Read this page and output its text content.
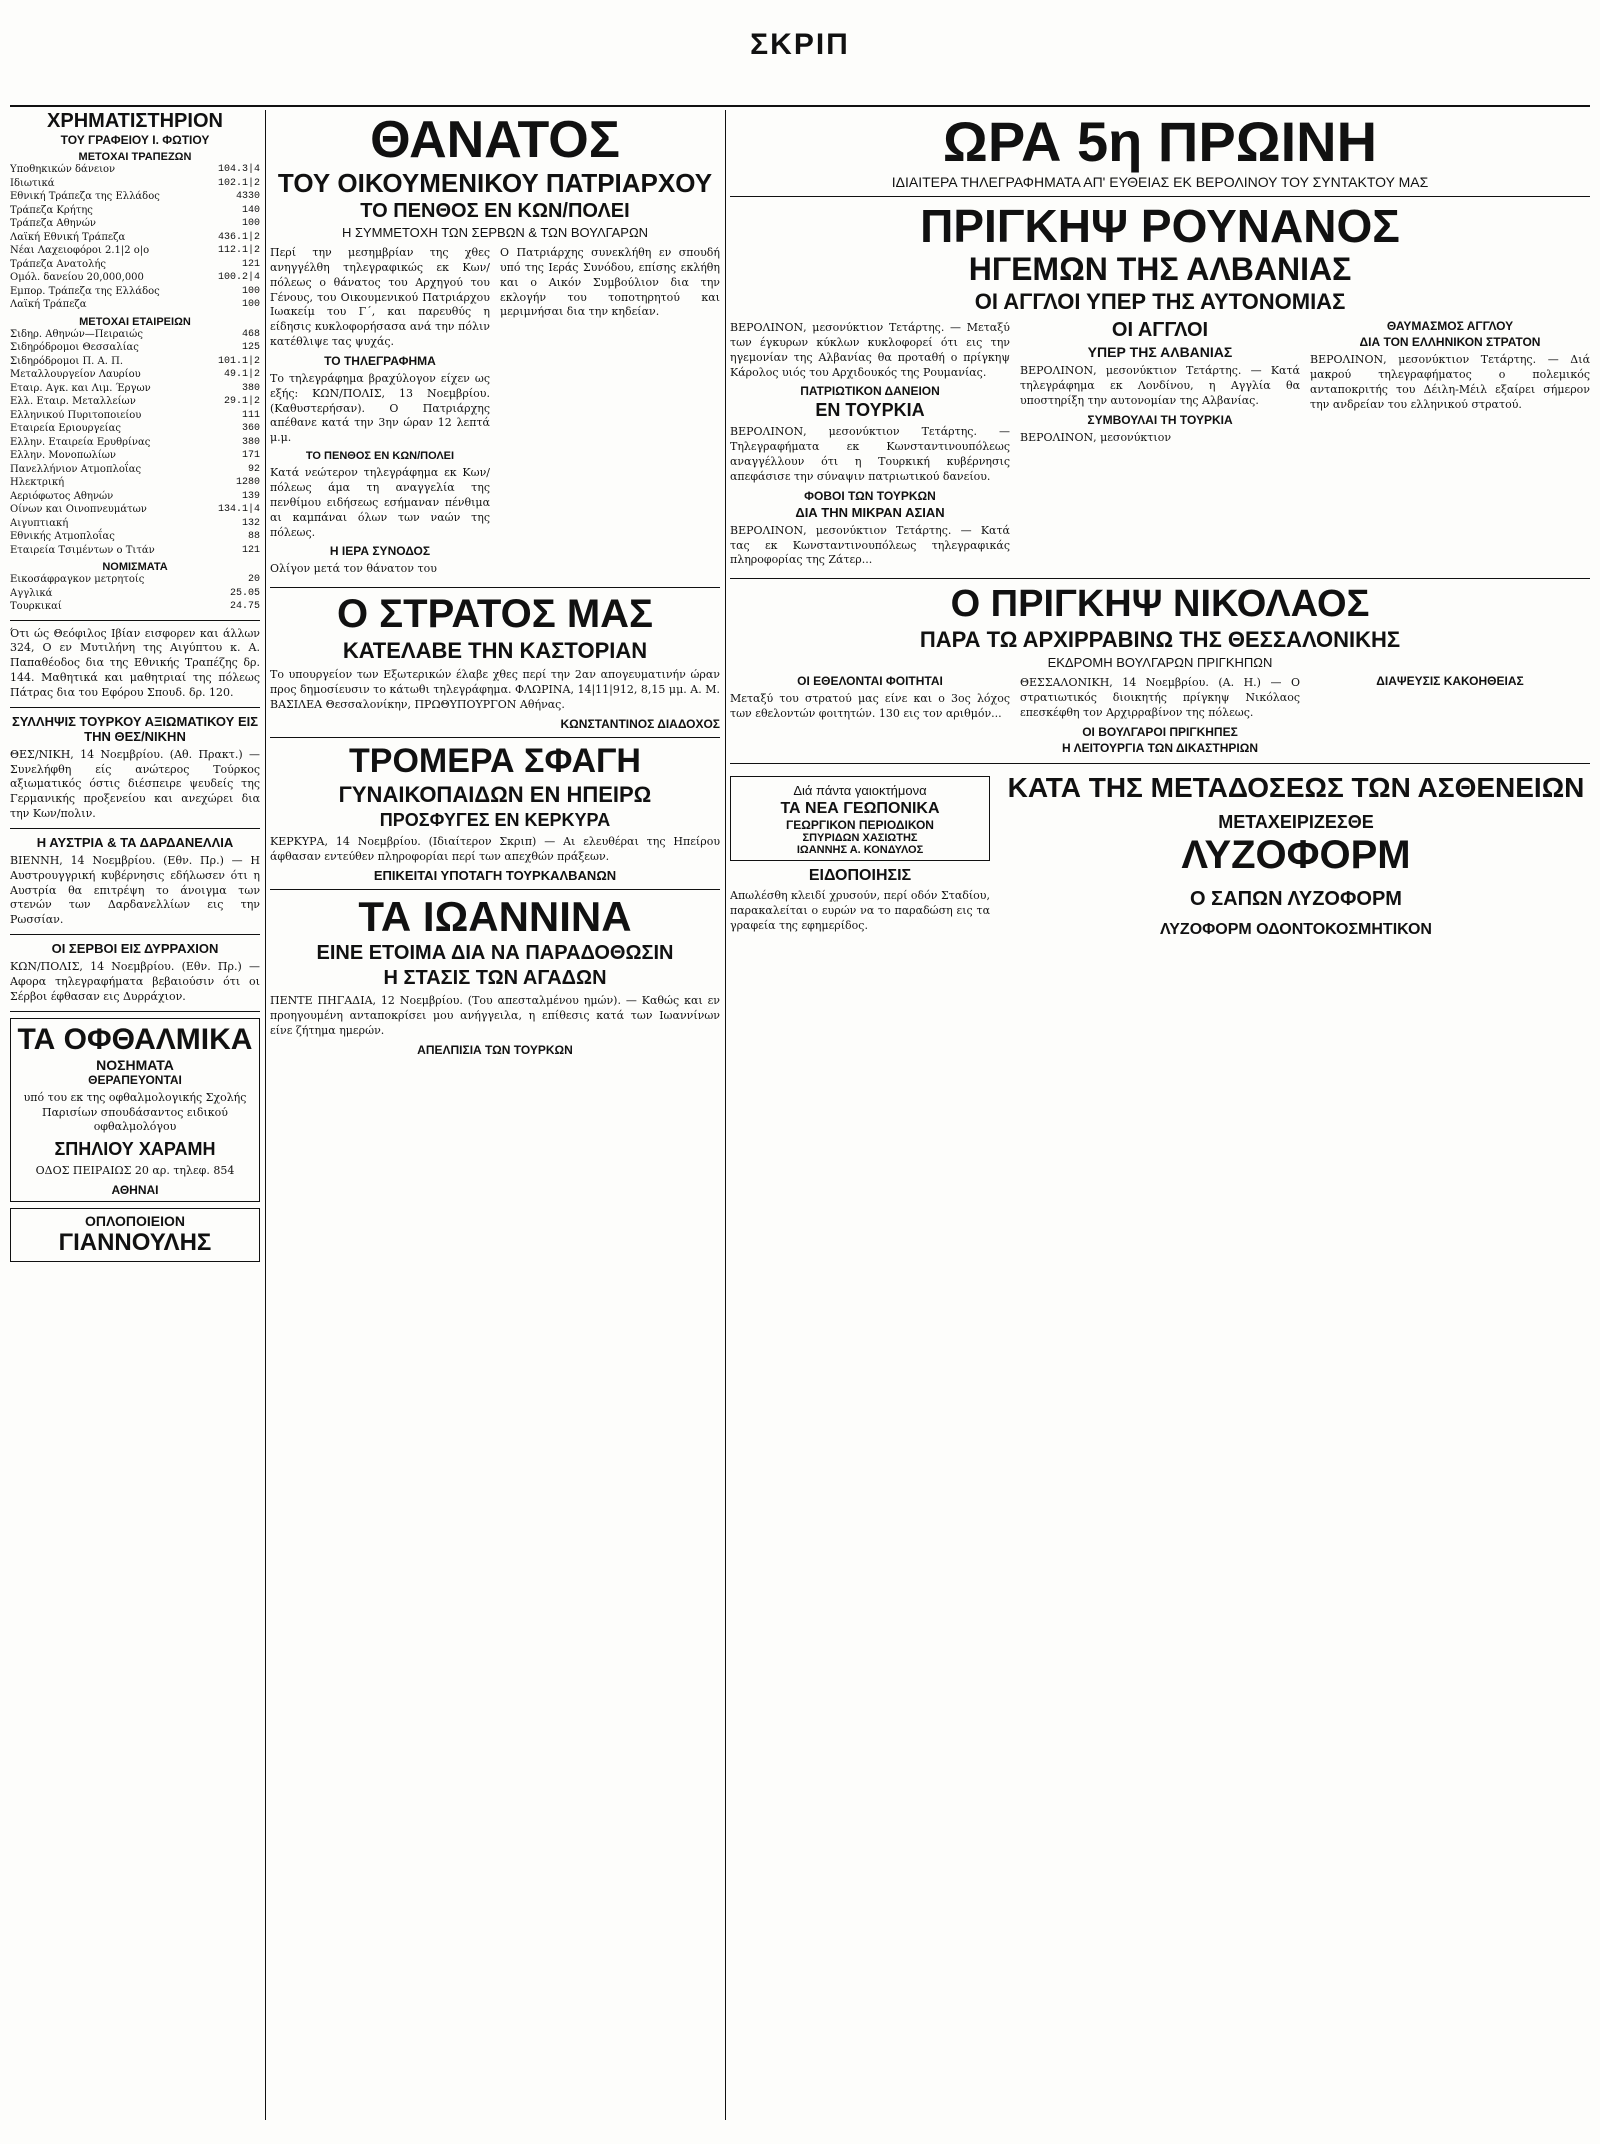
ΣΚΡΙΠ
ΧΡΗΜΑΤΙΣΤΗΡΙΟΝ
ΤΟΥ ΓΡΑΦΕΙΟΥ Ι. ΦΩΤΙΟΥ
ΜΕΤΟΧΑΙ ΤΡΑΠΕΖΩΝ
Υποθηκικών δάνειον	104.3|4
Ιδιωτικά	102.1|2
Εθνική Τράπεζα της Ελλάδος	4330
Τράπεζα Κρήτης	140
Τράπεζα Αθηνών	100
Λαϊκή Εθνική Τράπεζα	436.1|2
Νέαι Λαχειοφόροι 2.1|2 ο|ο	112.1|2
Τράπεζα Ανατολής	121
Ομόλ. δανείου 20,000,000	100.2|4
Εμπορ. Τράπεζα της Ελλάδος	100
Λαϊκή Τράπεζα	100
ΜΕΤΟΧΑΙ ΕΤΑΙΡΕΙΩΝ
Σιδηρ. Αθηνών—Πειραιώς	468
Σιδηρόδρομοι Θεσσαλίας	125
Σιδηρόδρομοι Π. Α. Π.	101.1|2
Μεταλλουργείον Λαυρίου	49.1|2
Εταιρ. Αγκ. και Λιμ. Έργων	380
Ελλ. Εταιρ. Μεταλλείων	29.1|2
Ελληνικού Πυριτοποιείου	111
Εταιρεία Εριουργείας	360
Ελλην. Εταιρεία Ερυθρίνας	380
Ελλην. Μονοπωλίων	171
Πανελλήνιον Ατμοπλοΐας	92
Ηλεκτρική	1280
Αεριόφωτος Αθηνών	139
Οίνων και Οινοπνευμάτων	134.1|4
Αιγυπτιακή	132
Εθνικής Ατμοπλοΐας	88
Εταιρεία Τσιμέντων ο Τιτάν	121
ΝΟΜΙΣΜΑΤΑ
Εικοσάφραγκον μετρητοίς	20
Αγγλικά	25.05
Τουρκικαί	24.75
Ότι ώς Θεόφιλος Ιβίαν εισφορεν και άλλων 324, Ο εν Μυτιλήνη της Αιγύπτου κ. Α. Παπαθέοδος δια της Εθνικής Τραπέζης δρ. 144. Μαθητικά και μαθητριαί της πόλεως Πάτρας δια του Εφόρου Σπουδ. δρ. 120.
ΣΥΛΛΗΨΙΣ ΤΟΥΡΚΟΥ ΑΞΙΩΜΑΤΙΚΟΥ ΕΙΣ ΤΗΝ ΘΕΣ/ΝΙΚΗΝ
ΘΕΣ/ΝΙΚΗ, 14 Νοεμβρίου. (Αθ. Πρακτ.) — Συνελήφθη είς ανώτερος Τούρκος αξιωματικός όστις διέσπειρε ψευδείς της Γερμανικής προξενείου και ανεχώρει δια την Κων/πολιν.
Η ΑΥΣΤΡΙΑ & ΤΑ ΔΑΡΔΑΝΕΛΛΙΑ
ΒΙΕΝΝΗ, 14 Νοεμβρίου. (Εθν. Πρ.) — Η Αυστρουγγρική κυβέρνησις εδήλωσεν ότι η Αυστρία θα επιτρέψη το άνοιγμα των στενών των Δαρδανελλίων εις την Ρωσσίαν.
ΟΙ ΣΕΡΒΟΙ ΕΙΣ ΔΥΡΡΑΧΙΟΝ
ΚΩΝ/ΠΟΛΙΣ, 14 Νοεμβρίου. (Εθν. Πρ.) — Αφορα τηλεγραφήματα βεβαιούσιν ότι οι Σέρβοι έφθασαν εις Δυρράχιον.
ΤΑ ΟΦΘΑΛΜΙΚΑ
ΝΟΣΗΜΑΤΑ
ΘΕΡΑΠΕΥΟΝΤΑΙ
υπό του εκ της οφθαλμολογικής Σχολής Παρισίων σπουδάσαντος ειδικού οφθαλμολόγου
ΣΠΗΛΙΟΥ ΧΑΡΑΜΗ
ΟΔΟΣ ΠΕΙΡΑΙΩΣ 20 αρ. τηλεφ. 854
ΑΘΗΝΑΙ
ΟΠΛΟΠΟΙΕΙΟΝ
ΓΙΑΝΝΟΥΛΗΣ
ΘΑΝΑΤΟΣ
ΤΟΥ ΟΙΚΟΥΜΕΝΙΚΟΥ ΠΑΤΡΙΑΡΧΟΥ
ΤΟ ΠΕΝΘΟΣ ΕΝ ΚΩΝ/ΠΟΛΕΙ
Η ΣΥΜΜΕΤΟΧΗ ΤΩΝ ΣΕΡΒΩΝ & ΤΩΝ ΒΟΥΛΓΑΡΩΝ
Περί την μεσημβρίαν της χθες ανηγγέλθη τηλεγραφικώς εκ Κων/πόλεως ο θάνατος του Αρχηγού του Γένους, του Οικουμενικού Πατριάρχου Ιωακείμ του Γ΄, και παρευθύς η είδησις κυκλοφορήσασα ανά την πόλιν κατέθλιψε τας ψυχάς.
ΤΟ ΤΗΛΕΓΡΑΦΗΜΑ
Το τηλεγράφημα βραχύλογον είχεν ως εξής: ΚΩΝ/ΠΟΛΙΣ, 13 Νοεμβρίου. (Καθυστερήσαν). Ο Πατριάρχης απέθανε κατά την 3ην ώραν 12 λεπτά μ.μ.
ΤΟ ΠΕΝΘΟΣ ΕΝ ΚΩΝ/ΠΟΛΕΙ
Κατά νεώτερον τηλεγράφημα εκ Κων/πόλεως άμα τη αναγγελία της πενθίμου ειδήσεως εσήμαναν πένθιμα αι καμπάναι όλων των ναών της πόλεως.
Η ΙΕΡΑ ΣΥΝΟΔΟΣ
Ολίγον μετά τον θάνατον του
Ο Πατριάρχης συνεκλήθη εν σπουδή υπό της Ιεράς Συνόδου, επίσης εκλήθη και ο Αικόν Συμβούλιον δια την εκλογήν του τοποτηρητού και μεριμνήσαι δια την κηδείαν.
Ο ΣΤΡΑΤΟΣ ΜΑΣ
ΚΑΤΕΛΑΒΕ ΤΗΝ ΚΑΣΤΟΡΙΑΝ
Το υπουργείον των Εξωτερικών έλαβε χθες περί την 2αν απογευματινήν ώραν προς δημοσίευσιν το κάτωθι τηλεγράφημα. ΦΛΩΡΙΝΑ, 14|11|912, 8,15 μμ. Α. Μ. ΒΑΣΙΛΕΑ Θεσσαλονίκην, ΠΡΩΘΥΠΟΥΡΓΟΝ Αθήνας.
ΚΩΝΣΤΑΝΤΙΝΟΣ ΔΙΑΔΟΧΟΣ
ΤΡΟΜΕΡΑ ΣΦΑΓΗ
ΓΥΝΑΙΚΟΠΑΙΔΩΝ ΕΝ ΗΠΕΙΡΩ
ΠΡΟΣΦΥΓΕΣ ΕΝ ΚΕΡΚΥΡΑ
ΚΕΡΚΥΡΑ, 14 Νοεμβρίου. (Ιδιαίτερον Σκριπ) — Αι ελευθέραι της Ηπείρου άφθασαν εντεύθεν πληροφορίαι περί των απεχθών πράξεων.
ΕΠΙΚΕΙΤΑΙ ΥΠΟΤΑΓΗ ΤΟΥΡΚΑΛΒΑΝΩΝ
ΤΑ ΙΩΑΝΝΙΝΑ
ΕΙΝΕ ΕΤΟΙΜΑ ΔΙΑ ΝΑ ΠΑΡΑΔΟΘΩΣΙΝ
Η ΣΤΑΣΙΣ ΤΩΝ ΑΓΑΔΩΝ
ΠΕΝΤΕ ΠΗΓΑΔΙΑ, 12 Νοεμβρίου. (Του απεσταλμένου ημών). — Καθώς και εν προηγουμένη ανταποκρίσει μου ανήγγειλα, η επίθεσις κατά των Ιωαννίνων είνε ζήτημα ημερών.
ΑΠΕΛΠΙΣΙΑ ΤΩΝ ΤΟΥΡΚΩΝ
ΩΡΑ 5η ΠΡΩΙΝΗ
ΙΔΙΑΙΤΕΡΑ ΤΗΛΕΓΡΑΦΗΜΑΤΑ ΑΠ' ΕΥΘΕΙΑΣ ΕΚ ΒΕΡΟΛΙΝΟΥ ΤΟΥ ΣΥΝΤΑΚΤΟΥ ΜΑΣ
ΠΡΙΓΚΗΨ ΡΟΥΝΑΝΟΣ
ΗΓΕΜΩΝ ΤΗΣ ΑΛΒΑΝΙΑΣ
ΟΙ ΑΓΓΛΟΙ ΥΠΕΡ ΤΗΣ ΑΥΤΟΝΟΜΙΑΣ
ΒΕΡΟΛΙΝΟΝ, μεσονύκτιον Τετάρτης. — Μεταξύ των έγκυρων κύκλων κυκλοφορεί ότι εις την ηγεμονίαν της Αλβανίας θα προταθή ο πρίγκηψ Κάρολος υιός του Αρχιδουκός της Ρουμανίας.
ΠΑΤΡΙΩΤΙΚΟΝ ΔΑΝΕΙΟΝ
ΕΝ ΤΟΥΡΚΙΑ
ΒΕΡΟΛΙΝΟΝ, μεσονύκτιον Τετάρτης. — Τηλεγραφήματα εκ Κωνσταντινουπόλεως αναγγέλλουν ότι η Τουρκική κυβέρνησις απεφάσισε την σύναψιν πατριωτικού δανείου.
ΦΟΒΟΙ ΤΩΝ ΤΟΥΡΚΩΝ
ΔΙΑ ΤΗΝ ΜΙΚΡΑΝ ΑΣΙΑΝ
ΒΕΡΟΛΙΝΟΝ, μεσονύκτιον Τετάρτης. — Κατά τας εκ Κωνσταντινουπόλεως τηλεγραφικάς πληροφορίας της Ζάτερ...
ΟΙ ΑΓΓΛΟΙ
ΥΠΕΡ ΤΗΣ ΑΛΒΑΝΙΑΣ
ΒΕΡΟΛΙΝΟΝ, μεσονύκτιον Τετάρτης. — Κατά τηλεγράφημα εκ Λονδίνου, η Αγγλία θα υποστηρίξη την αυτονομίαν της Αλβανίας.
ΣΥΜΒΟΥΛΑΙ ΤΗ ΤΟΥΡΚΙΑ
ΒΕΡΟΛΙΝΟΝ, μεσονύκτιον
ΘΑΥΜΑΣΜΟΣ ΑΓΓΛΟΥ
ΔΙΑ ΤΟΝ ΕΛΛΗΝΙΚΟΝ ΣΤΡΑΤΟΝ
ΒΕΡΟΛΙΝΟΝ, μεσονύκτιον Τετάρτης. — Διά μακρού τηλεγραφήματος ο πολεμικός ανταποκριτής του Δέιλη-Μέιλ εξαίρει σήμερον την ανδρείαν του ελληνικού στρατού.
Ο ΠΡΙΓΚΗΨ ΝΙΚΟΛΑΟΣ
ΠΑΡΑ ΤΩ ΑΡΧΙΡΡΑΒΙΝΩ ΤΗΣ ΘΕΣΣΑΛΟΝΙΚΗΣ
ΕΚΔΡΟΜΗ ΒΟΥΛΓΑΡΩΝ ΠΡΙΓΚΗΠΩΝ
ΟΙ ΕΘΕΛΟΝΤΑΙ ΦΟΙΤΗΤΑΙ
Μεταξύ του στρατού μας είνε και ο 3ος λόχος των εθελοντών φοιτητών. 130 εις τον αριθμόν...
ΘΕΣΣΑΛΟΝΙΚΗ, 14 Νοεμβρίου. (Α. Η.) — Ο στρατιωτικός διοικητής πρίγκηψ Νικόλαος επεσκέφθη τον Αρχιρραβίνον της πόλεως.
ΟΙ ΒΟΥΛΓΑΡΟΙ ΠΡΙΓΚΗΠΕΣ
Η ΛΕΙΤΟΥΡΓΙΑ ΤΩΝ ΔΙΚΑΣΤΗΡΙΩΝ
ΔΙΑΨΕΥΣΙΣ ΚΑΚΟΗΘΕΙΑΣ
Διά πάντα γαιοκτήμονα
ΤΑ ΝΕΑ ΓΕΩΠΟΝΙΚΑ
ΓΕΩΡΓΙΚΟΝ ΠΕΡΙΟΔΙΚΟΝ
ΣΠΥΡΙΔΩΝ ΧΑΣΙΩΤΗΣ
ΙΩΑΝΝΗΣ Α. ΚΟΝΔΥΛΟΣ
ΕΙΔΟΠΟΙΗΣΙΣ
Απωλέσθη κλειδί χρυσούν, περί οδόν Σταδίου, παρακαλείται ο ευρών να το παραδώση εις τα γραφεία της εφημερίδος.
ΚΑΤΑ ΤΗΣ ΜΕΤΑΔΟΣΕΩΣ ΤΩΝ ΑΣΘΕΝΕΙΩΝ
ΜΕΤΑΧΕΙΡΙΖΕΣΘΕ
ΛΥΖΟΦΟΡΜ
Ο ΣΑΠΩΝ ΛΥΖΟΦΟΡΜ
ΛΥΖΟΦΟΡΜ ΟΔΟΝΤΟΚΟΣΜΗΤΙΚΟΝ
